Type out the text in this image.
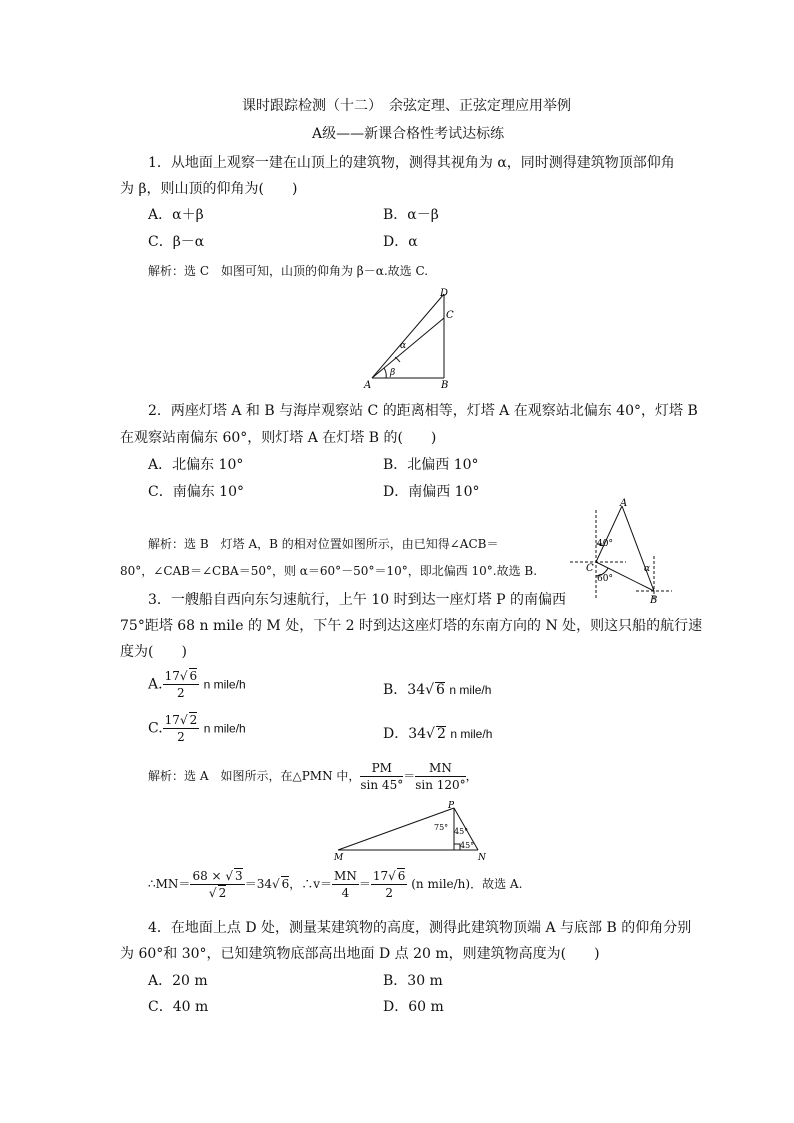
课时跟踪检测（十二）　余弦定理、正弦定理应用举例
A级——新课合格性考试达标练
1．从地面上观察一建在山顶上的建筑物，测得其视角为 α，同时测得建筑物顶部仰角
为 β，则山顶的仰角为(　　)
A．α＋β	B．α－β
C．β－α	D．α
解析：选 C　如图可知，山顶的仰角为 β－α.故选 C.
D
C
A	B
α
β
2．两座灯塔 A 和 B 与海岸观察站 C 的距离相等，灯塔 A 在观察站北偏东 40°，灯塔 B
在观察站南偏东 60°，则灯塔 A 在灯塔 B 的(　　)
A．北偏东 10°	B．北偏西 10°
C．南偏东 10°	D．南偏西 10°
解析：选 B　灯塔 A，B 的相对位置如图所示，由已知得∠ACB＝
80°，∠CAB＝∠CBA＝50°，则 α＝60°－50°＝10°，即北偏西 10°.故选 B.
A
B
C
40°
60°
α
3．一艘船自西向东匀速航行，上午 10 时到达一座灯塔 P 的南偏西
75°距塔 68 n mile 的 M 处，下午 2 时到达这座灯塔的东南方向的 N 处，则这只船的航行速
度为(　　)
A. $\frac{17√ 6}{2}$ n mile/h	B．34√ 6 n mile/h
C. $\frac{17√ 2}{2}$ n mile/h	D．34√ 2 n mile/h
解析：选 A　如图所示，在△PMN 中， $\frac{PM}{\sin 45^\circ} = \frac{MN}{\sin 120^\circ}$ ，
P
M	N
75° 45°
45°
∴MN＝ $\frac{68 \times √ 3}{√ 2} =34√$ 6，∴v＝ $\frac{MN}{4} = \frac{17√ 6}{2} (n$ mile/h)．故选 A.
4．在地面上点 D 处，测量某建筑物的高度，测得此建筑物顶端 A 与底部 B 的仰角分别
为 60°和 30°，已知建筑物底部高出地面 D 点 20 m，则建筑物高度为(　　)
A．20 m	B．30 m
C．40 m	D．60 m
